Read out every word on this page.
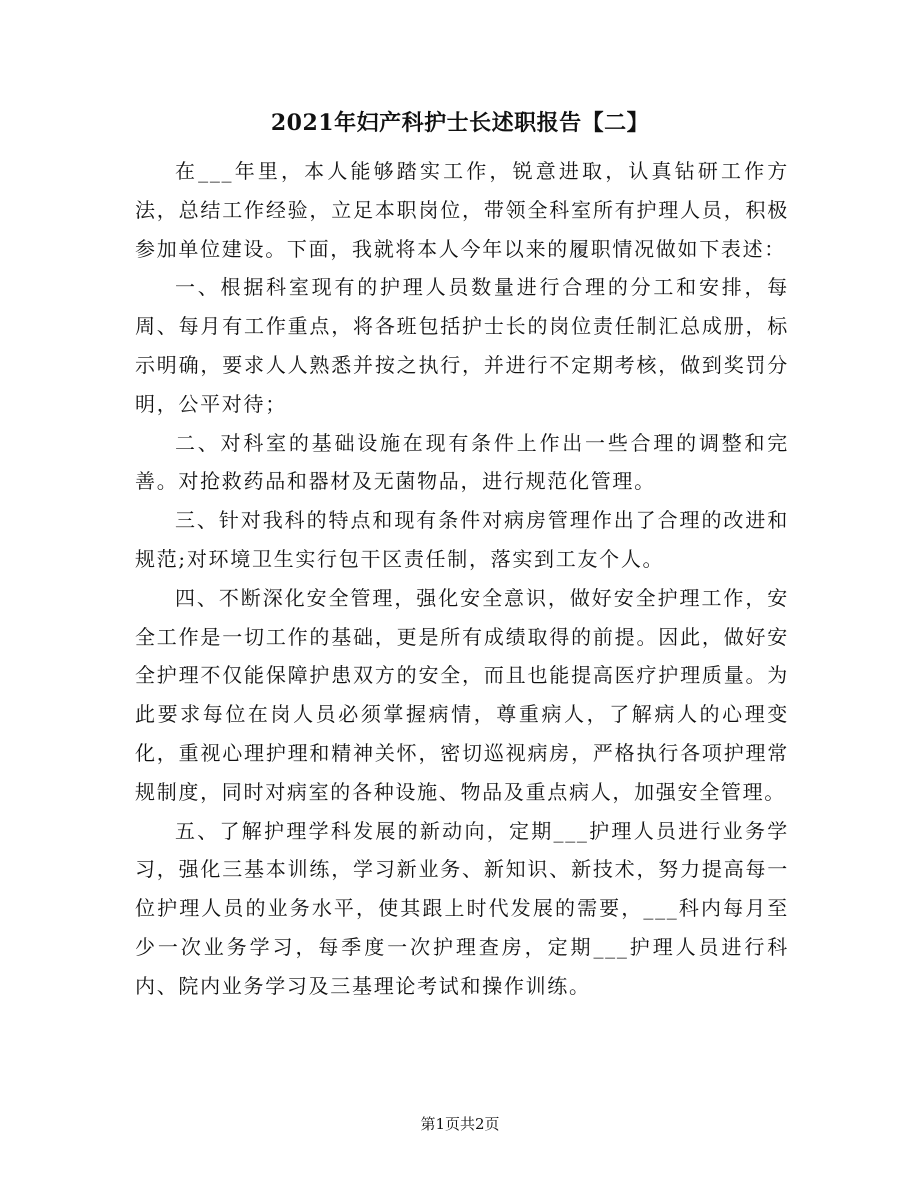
2021年妇产科护士长述职报告【二】

在___年里，本人能够踏实工作，锐意进取，认真钻研工作方法，总结工作经验，立足本职岗位，带领全科室所有护理人员，积极参加单位建设。下面，我就将本人今年以来的履职情况做如下表述：

一、根据科室现有的护理人员数量进行合理的分工和安排，每周、每月有工作重点，将各班包括护士长的岗位责任制汇总成册，标示明确，要求人人熟悉并按之执行，并进行不定期考核，做到奖罚分明，公平对待；

二、对科室的基础设施在现有条件上作出一些合理的调整和完善。对抢救药品和器材及无菌物品，进行规范化管理。

三、针对我科的特点和现有条件对病房管理作出了合理的改进和规范;对环境卫生实行包干区责任制，落实到工友个人。

四、不断深化安全管理，强化安全意识，做好安全护理工作，安全工作是一切工作的基础，更是所有成绩取得的前提。因此，做好安全护理不仅能保障护患双方的安全，而且也能提高医疗护理质量。为此要求每位在岗人员必须掌握病情，尊重病人，了解病人的心理变化，重视心理护理和精神关怀，密切巡视病房，严格执行各项护理常规制度，同时对病室的各种设施、物品及重点病人，加强安全管理。

五、了解护理学科发展的新动向，定期___护理人员进行业务学习，强化三基本训练，学习新业务、新知识、新技术，努力提高每一位护理人员的业务水平，使其跟上时代发展的需要，___科内每月至少一次业务学习，每季度一次护理查房，定期___护理人员进行科内、院内业务学习及三基理论考试和操作训练。

第1页共2页
